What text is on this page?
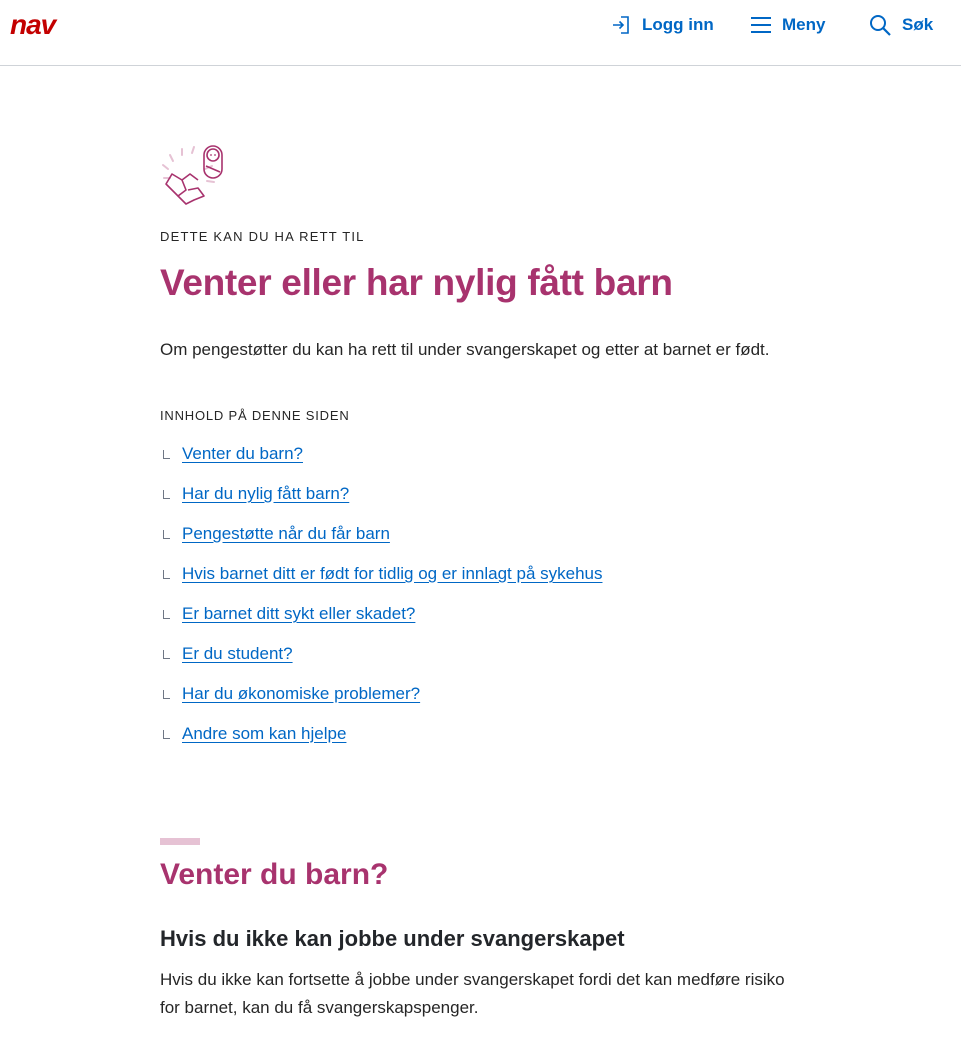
nav	Logg inn	Meny	Søk
DETTE KAN DU HA RETT TIL
Venter eller har nylig fått barn

Om pengestøtter du kan ha rett til under svangerskapet og etter at barnet er født.

INNHOLD PÅ DENNE SIDEN
Venter du barn?
Har du nylig fått barn?
Pengestøtte når du får barn
Hvis barnet ditt er født for tidlig og er innlagt på sykehus
Er barnet ditt sykt eller skadet?
Er du student?
Har du økonomiske problemer?
Andre som kan hjelpe
Venter du barn?
Hvis du ikke kan jobbe under svangerskapet

Hvis du ikke kan fortsette å jobbe under svangerskapet fordi det kan medføre risiko for barnet, kan du få svangerskapspenger.
